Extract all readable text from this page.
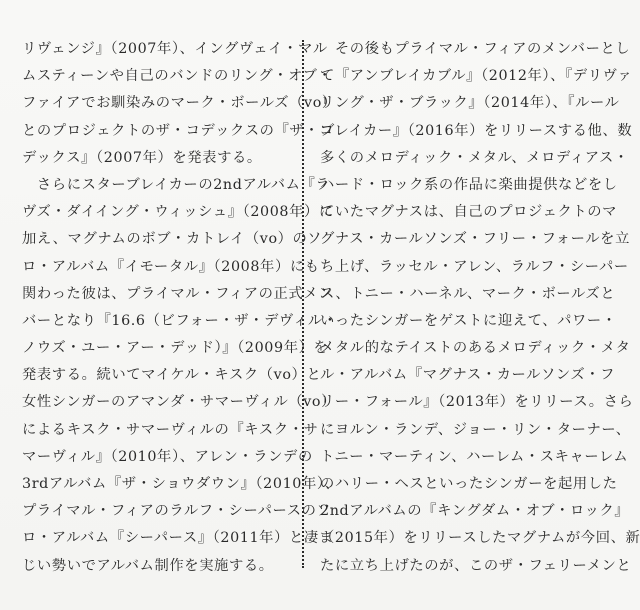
リヴェンジ』（2007年）、イングヴェイ・マル
ムスティーンや自己のバンドのリング・オブ・
ファイアでお馴染みのマーク・ボールズ（vo）
とのプロジェクトのザ・コデックスの『ザ・コ
デックス』（2007年）を発表する。
　さらにスターブレイカーの2ndアルバム『ラ
ヴズ・ダイイング・ウィッシュ』（2008年）に
加え、マグナムのボブ・カトレイ（vo）のソ
ロ・アルバム『イモータル』（2008年）にも
関わった彼は、プライマル・フィアの正式メン
バーとなり『16.6（ビフォー・ザ・デヴィル・
ノウズ・ユー・アー・デッド）』（2009年）を
発表する。続いてマイケル・キスク（vo）と
女性シンガーのアマンダ・サマーヴィル（vo）
によるキスク・サマーヴィルの『キスク・サ
マーヴィル』（2010年）、アレン・ランデの
3rdアルバム『ザ・ショウダウン』（2010年）、
プライマル・フィアのラルフ・シーパースのソ
ロ・アルバム『シーパース』（2011年）と凄ま
じい勢いでアルバム制作を実施する。
　その後もプライマル・フィアのメンバーとし
て『アンブレイカブル』（2012年）、『デリヴァ
リング・ザ・ブラック』（2014年）、『ルール
ブレイカー』（2016年）をリリースする他、数
多くのメロディック・メタル、メロディアス・
ハード・ロック系の作品に楽曲提供などをし
ていたマグナスは、自己のプロジェクトのマ
グナス・カールソンズ・フリー・フォールを立
ち上げ、ラッセル・アレン、ラルフ・シーパー
ス、トニー・ハーネル、マーク・ボールズと
いったシンガーをゲストに迎えて、パワー・
メタル的なテイストのあるメロディック・メタ
ル・アルバム『マグナス・カールソンズ・フ
リー・フォール』（2013年）をリリース。さら
にヨルン・ランデ、ジョー・リン・ターナー、
トニー・マーティン、ハーレム・スキャーレム
のハリー・ヘスといったシンガーを起用した
2ndアルバムの『キングダム・オブ・ロック』
（2015年）をリリースしたマグナムが今回、新
たに立ち上げたのが、このザ・フェリーメンと
